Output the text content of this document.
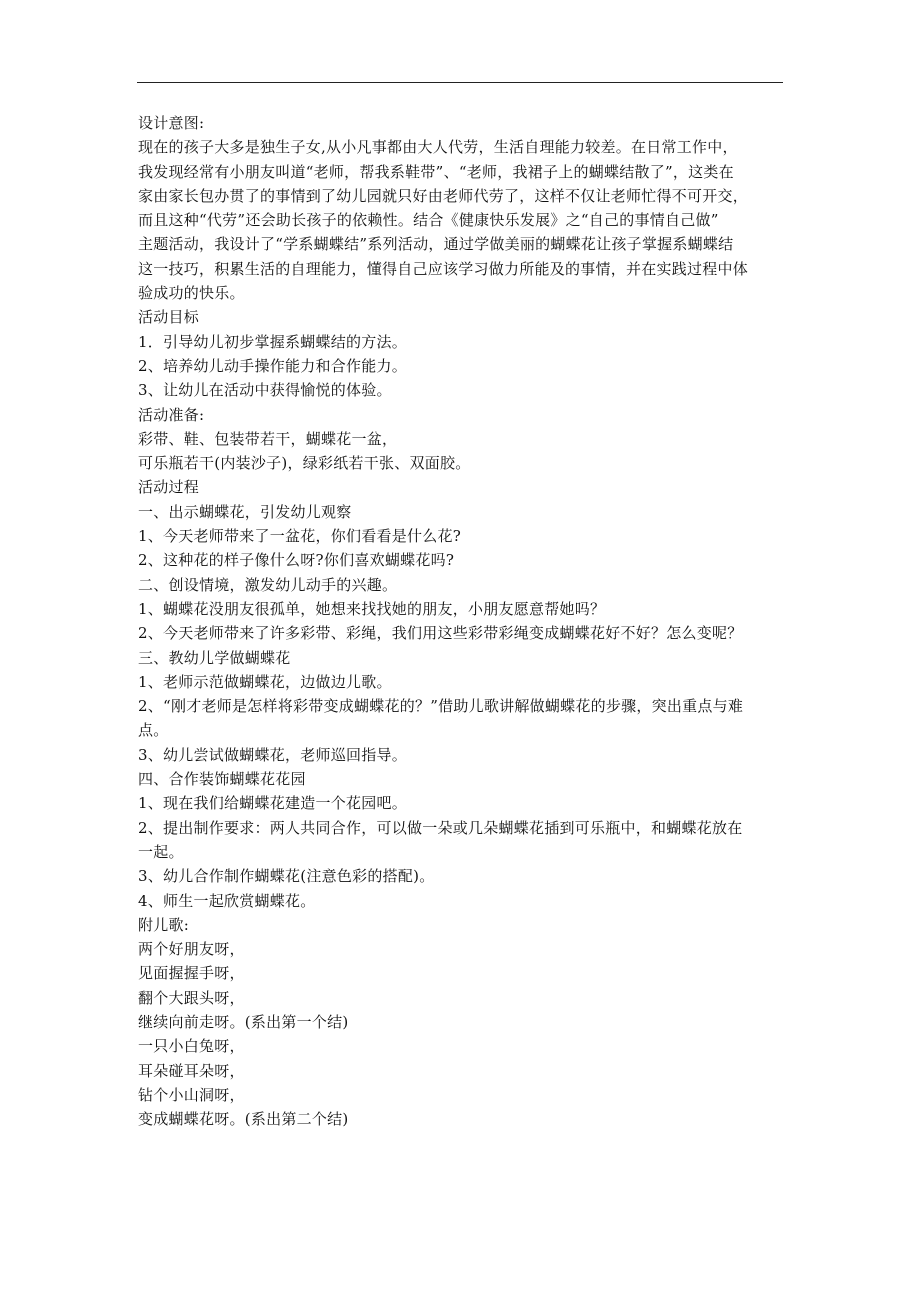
设计意图:
现在的孩子大多是独生子女,从小凡事都由大人代劳，生活自理能力较差。在日常工作中，
我发现经常有小朋友叫道“老师，帮我系鞋带”、“老师，我裙子上的蝴蝶结散了”，这类在
家由家长包办贯了的事情到了幼儿园就只好由老师代劳了，这样不仅让老师忙得不可开交，
而且这种“代劳”还会助长孩子的依赖性。结合《健康快乐发展》之“自己的事情自己做”
主题活动，我设计了“学系蝴蝶结”系列活动，通过学做美丽的蝴蝶花让孩子掌握系蝴蝶结
这一技巧，积累生活的自理能力，懂得自己应该学习做力所能及的事情，并在实践过程中体
验成功的快乐。
活动目标
1．引导幼儿初步掌握系蝴蝶结的方法。
2、培养幼儿动手操作能力和合作能力。
3、让幼儿在活动中获得愉悦的体验。
活动准备:
彩带、鞋、包装带若干，蝴蝶花一盆，
可乐瓶若干(内装沙子)，绿彩纸若干张、双面胶。
活动过程
一、出示蝴蝶花，引发幼儿观察
1、今天老师带来了一盆花，你们看看是什么花?
2、这种花的样子像什么呀?你们喜欢蝴蝶花吗?
二、创设情境，激发幼儿动手的兴趣。
1、蝴蝶花没朋友很孤单，她想来找找她的朋友，小朋友愿意帮她吗？
2、今天老师带来了许多彩带、彩绳，我们用这些彩带彩绳变成蝴蝶花好不好？怎么变呢？
三、教幼儿学做蝴蝶花
1、老师示范做蝴蝶花，边做边儿歌。
2、“刚才老师是怎样将彩带变成蝴蝶花的？”借助儿歌讲解做蝴蝶花的步骤，突出重点与难
点。
3、幼儿尝试做蝴蝶花，老师巡回指导。
四、合作装饰蝴蝶花花园
1、现在我们给蝴蝶花建造一个花园吧。
2、提出制作要求：两人共同合作，可以做一朵或几朵蝴蝶花插到可乐瓶中，和蝴蝶花放在
一起。
3、幼儿合作制作蝴蝶花(注意色彩的搭配)。
4、师生一起欣赏蝴蝶花。
附儿歌:
两个好朋友呀，
见面握握手呀，
翻个大跟头呀，
继续向前走呀。(系出第一个结)
一只小白兔呀，
耳朵碰耳朵呀，
钻个小山洞呀，
变成蝴蝶花呀。(系出第二个结)
